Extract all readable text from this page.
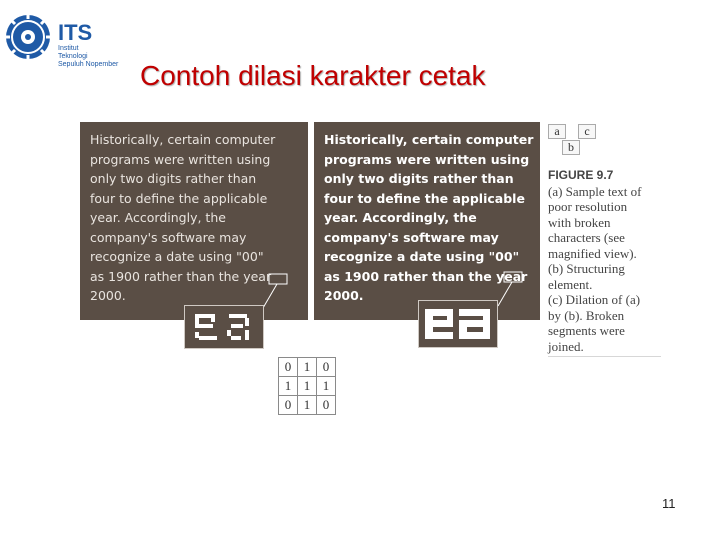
ITS
Institut
Teknologi
Sepuluh Nopember Contoh dilasi karakter cetak
Historically, certain computer
programs were written using
only two digits rather than
four to define the applicable
year. Accordingly, the
company's software may
recognize a date using "00"
as 1900 rather than the year
2000.
Historically, certain computer
programs were written using
only two digits rather than
four to define the applicable
year. Accordingly, the
company's software may
recognize a date using "00"
as 1900 rather than the year
2000.
0	1	0
1	1	1
0	1	0
a	c
b
FIGURE 9.7
(a) Sample text of
poor resolution
with broken
characters (see
magnified view).
(b) Structuring
element.
(c) Dilation of (a)
by (b). Broken
segments were
joined.
11
